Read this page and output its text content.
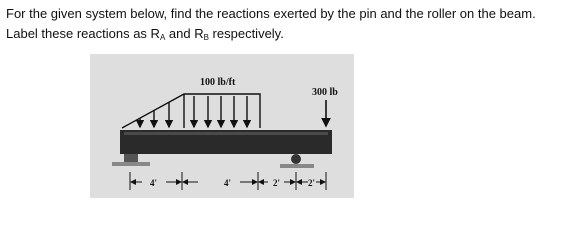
For the given system below, find the reactions exerted by the pin and the roller on the beam.

Label these reactions as $R_A$ and $R_B$ respectively.

100 lb/ft
300 lb
4'	4'	2'	2'
